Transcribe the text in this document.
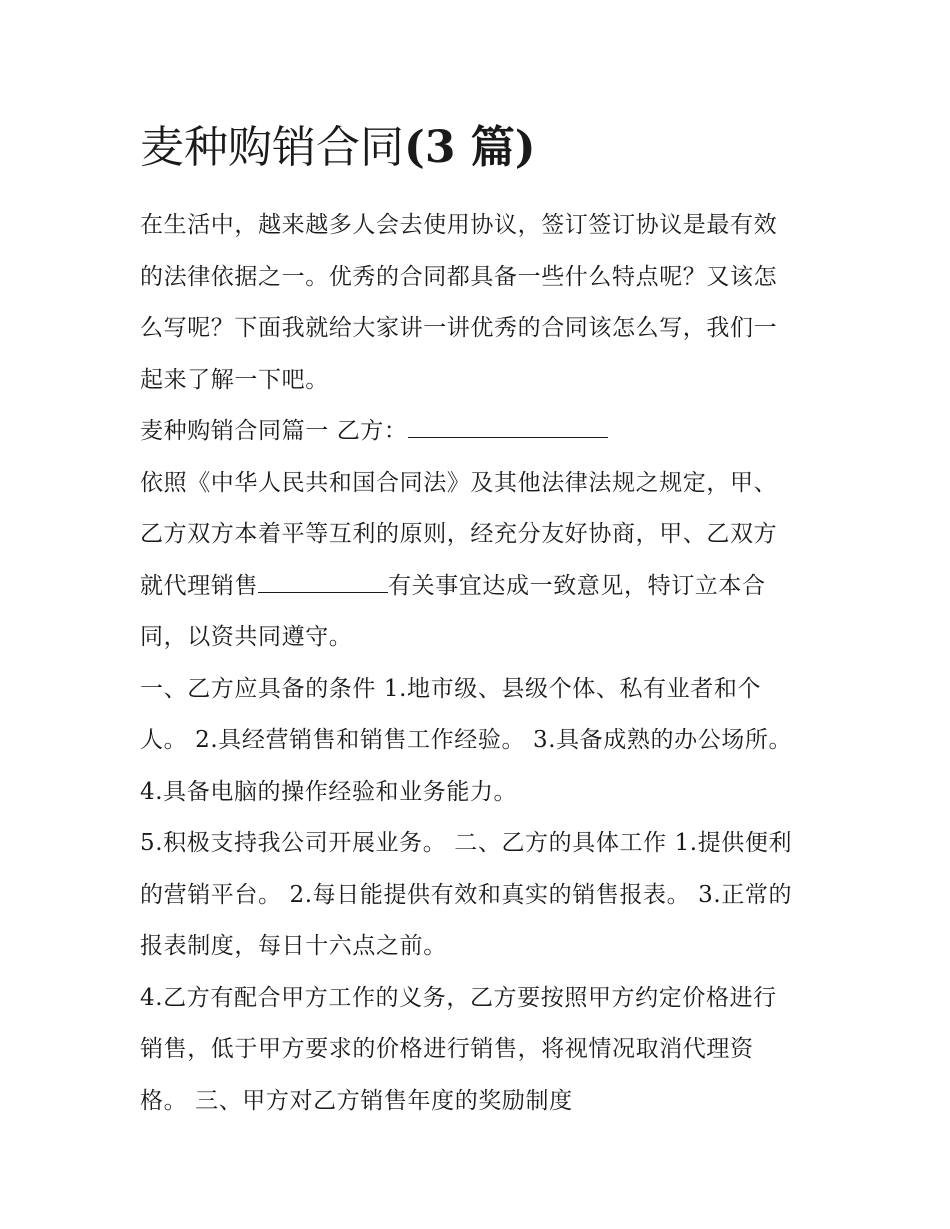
麦种购销合同(3 篇)
在生活中，越来越多人会去使用协议，签订签订协议是最有效
的法律依据之一。优秀的合同都具备一些什么特点呢？又该怎
么写呢？下面我就给大家讲一讲优秀的合同该怎么写，我们一
起来了解一下吧。
麦种购销合同篇一 乙方：
依照《中华人民共和国合同法》及其他法律法规之规定，甲、
乙方双方本着平等互利的原则，经充分友好协商，甲、乙双方
就代理销售	有关事宜达成一致意见，特订立本合
同，以资共同遵守。
一、乙方应具备的条件 1.地市级、县级个体、私有业者和个
人。 2.具经营销售和销售工作经验。 3.具备成熟的办公场所。
4.具备电脑的操作经验和业务能力。
5.积极支持我公司开展业务。 二、乙方的具体工作 1.提供便利
的营销平台。 2.每日能提供有效和真实的销售报表。 3.正常的
报表制度，每日十六点之前。
4.乙方有配合甲方工作的义务，乙方要按照甲方约定价格进行
销售，低于甲方要求的价格进行销售，将视情况取消代理资
格。 三、甲方对乙方销售年度的奖励制度
